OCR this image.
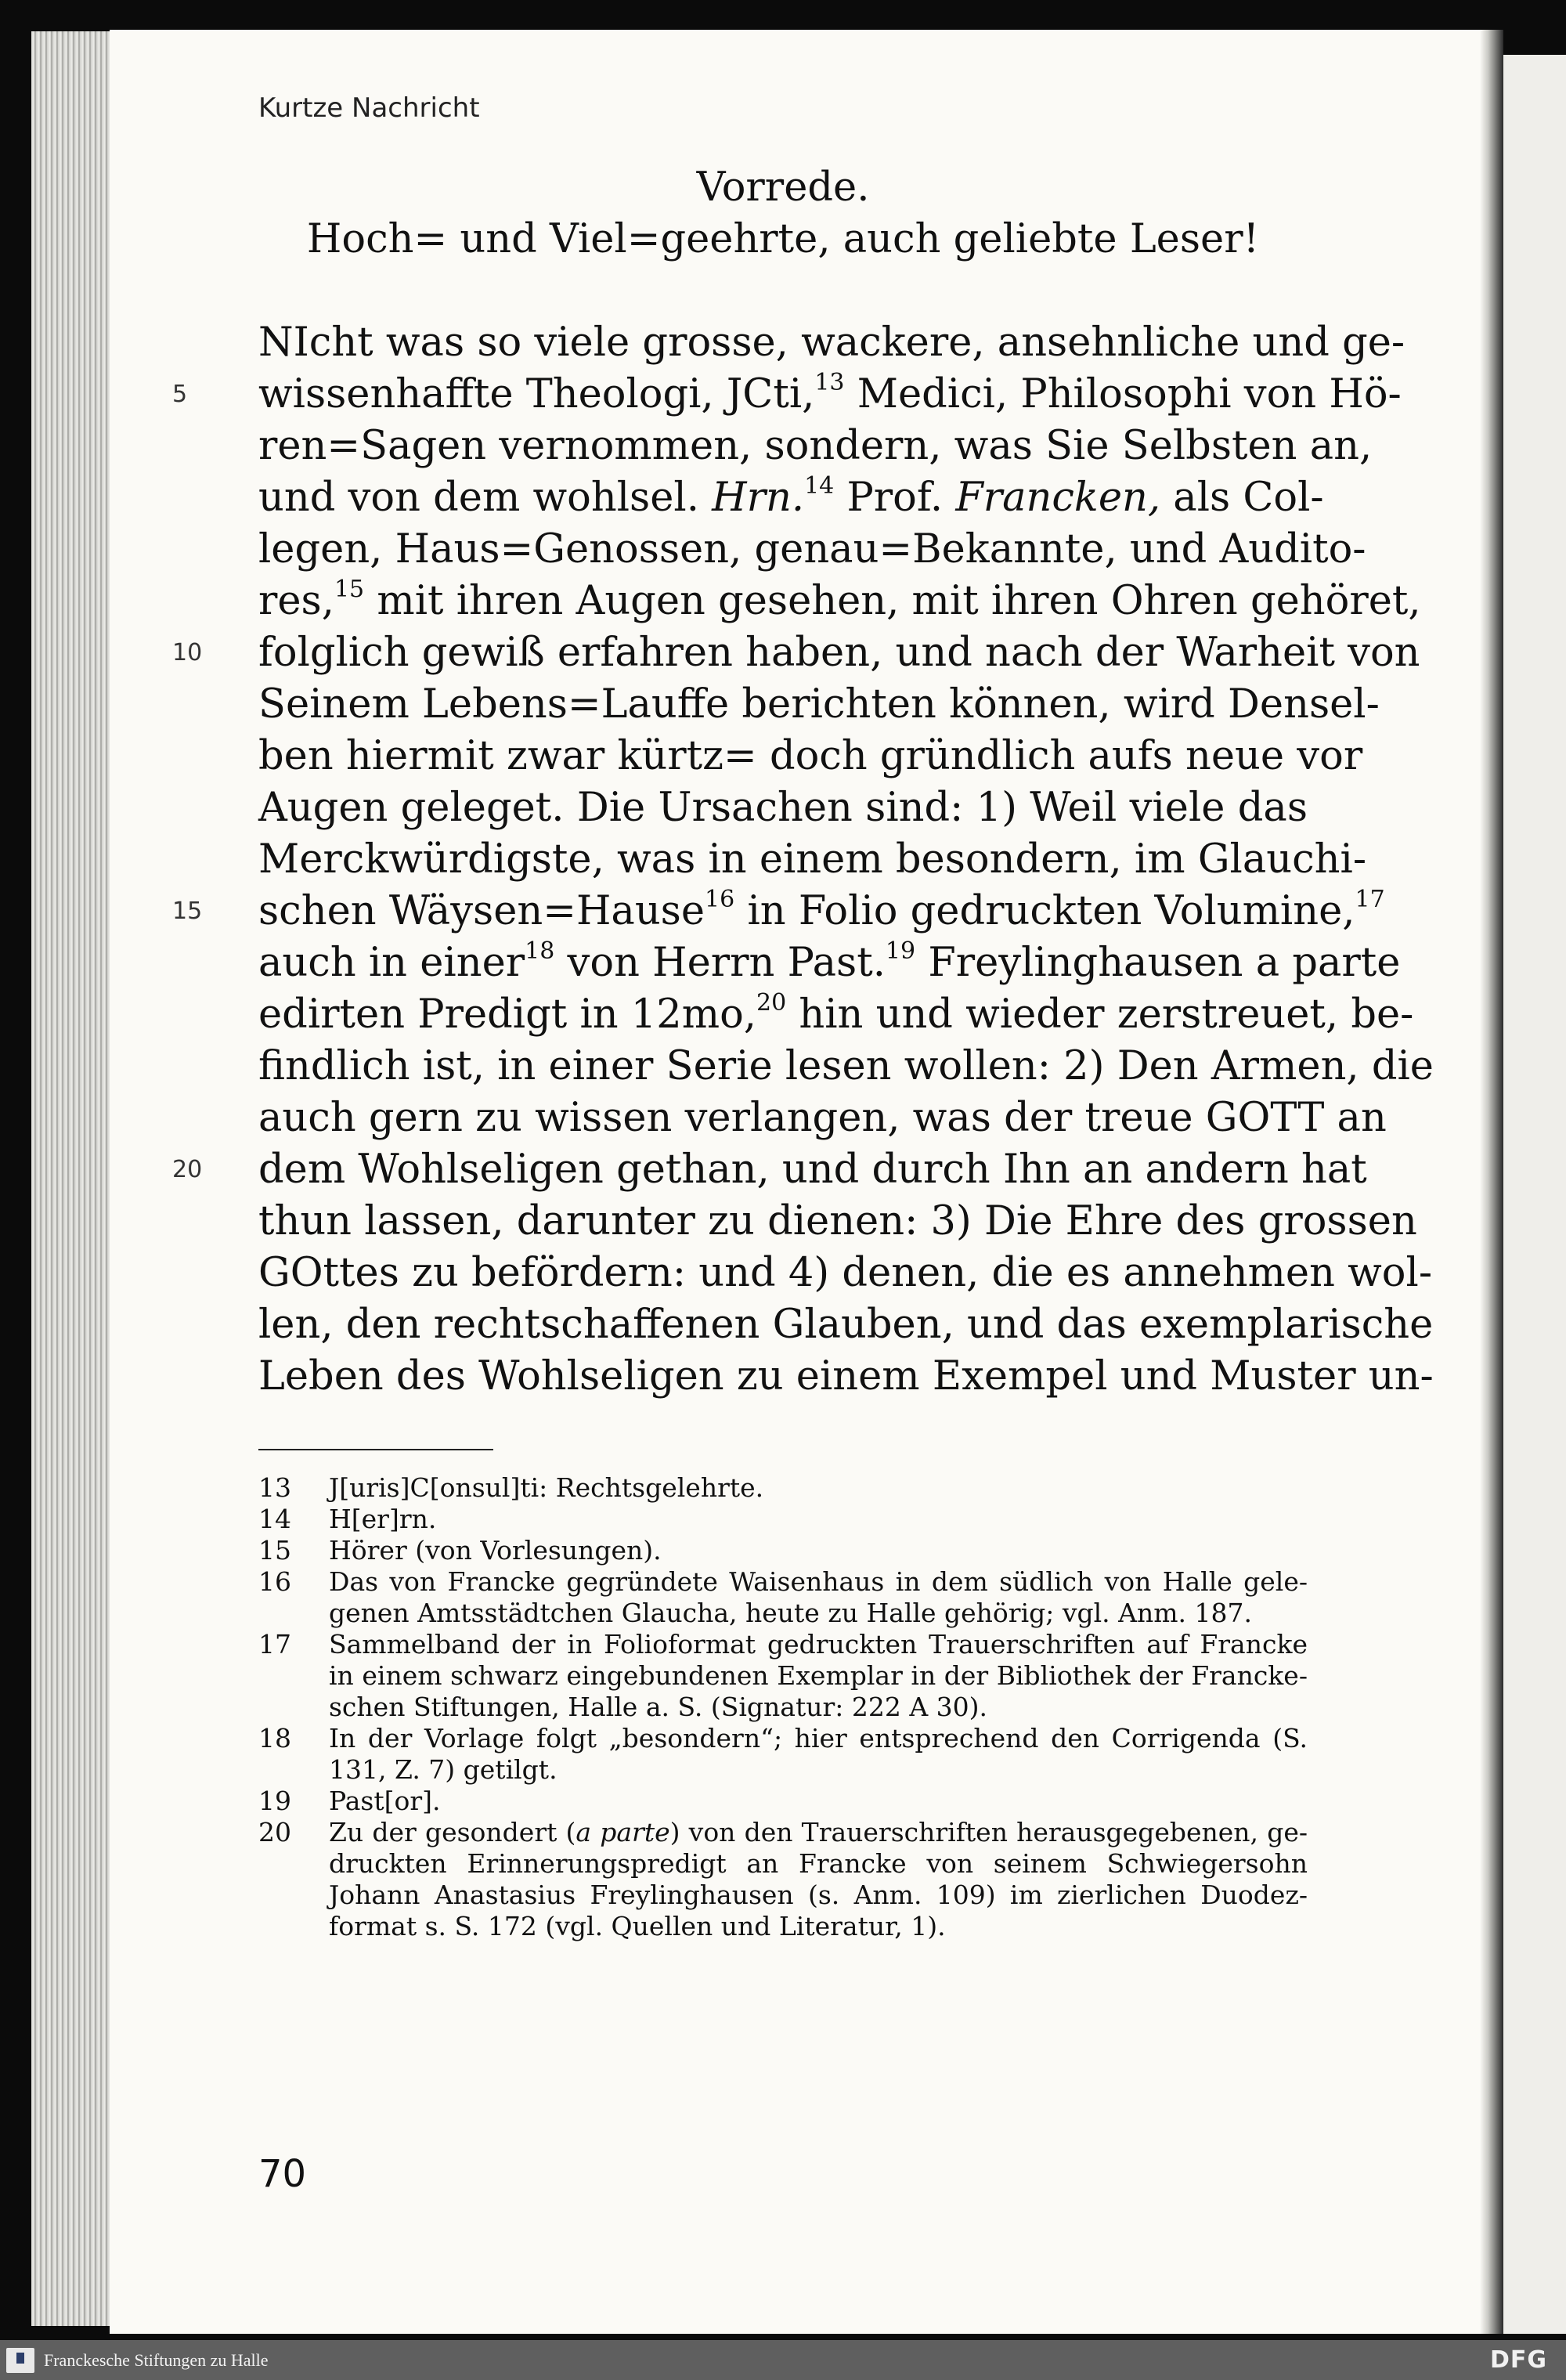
Kurtze Nachricht
Vorrede.
Hoch= und Viel=geehrte, auch geliebte Leser!
NIcht was so viele grosse, wackere, ansehnliche und ge-
wissenhaffte Theologi, JCti,$^{13}$ Medici, Philosophi von Hö-
ren=Sagen vernommen, sondern, was Sie Selbsten an,
und von dem wohlsel. Hrn.$^{14}$ Prof. Francken, als Col-
legen, Haus=Genossen, genau=Bekannte, und Audito-
res,$^{15}$ mit ihren Augen gesehen, mit ihren Ohren gehöret,
folglich gewiß erfahren haben, und nach der Warheit von
Seinem Lebens=Lauffe berichten können, wird Densel-
ben hiermit zwar kürtz= doch gründlich aufs neue vor
Augen geleget. Die Ursachen sind: 1) Weil viele das
Merckwürdigste, was in einem besondern, im Glauchi-
schen Wäysen=Hause$^{16}$ in Folio gedruckten Volumine,$^{17}$
auch in einer$^{18}$ von Herrn Past.$^{19}$ Freylinghausen a parte
edirten Predigt in 12mo,$^{20}$ hin und wieder zerstreuet, be-
findlich ist, in einer Serie lesen wollen: 2) Den Armen, die
auch gern zu wissen verlangen, was der treue GOTT an
dem Wohlseligen gethan, und durch Ihn an andern hat
thun lassen, darunter zu dienen: 3) Die Ehre des grossen
GOttes zu befördern: und 4) denen, die es annehmen wol-
len, den rechtschaffenen Glauben, und das exemplarische
Leben des Wohlseligen zu einem Exempel und Muster un-
5
10
15
20
13	J[uris]C[onsul]ti: Rechtsgelehrte.
14	H[er]rn.
15	Hörer (von Vorlesungen).
16	Das von Francke gegründete Waisenhaus in dem südlich von Halle gele-
genen Amtsstädtchen Glaucha, heute zu Halle gehörig; vgl. Anm. 187.
17	Sammelband der in Folioformat gedruckten Trauerschriften auf Francke
in einem schwarz eingebundenen Exemplar in der Bibliothek der Francke-
schen Stiftungen, Halle a. S. (Signatur: 222 A 30).
18	In der Vorlage folgt „besondern“; hier entsprechend den Corrigenda (S.
131, Z. 7) getilgt.
19	Past[or].
20	Zu der gesondert (a parte) von den Trauerschriften herausgegebenen, ge-
druckten Erinnerungspredigt an Francke von seinem Schwiegersohn
Johann Anastasius Freylinghausen (s. Anm. 109) im zierlichen Duodez-
format s. S. 172 (vgl. Quellen und Literatur, 1).
70
Franckesche Stiftungen zu Halle	DFG
